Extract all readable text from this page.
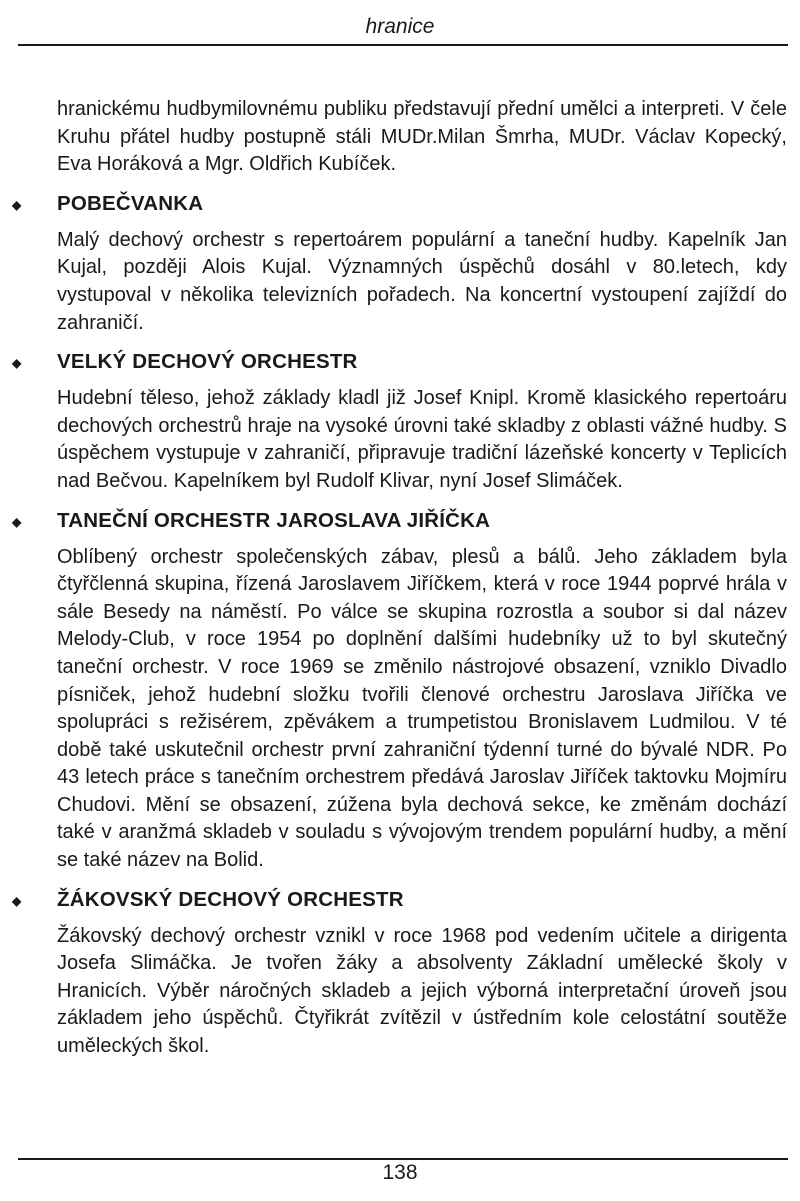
hranice

hranickému hudbymilovnému publiku představují přední umělci a interpreti. V čele Kruhu přátel hudby postupně stáli MUDr.Milan Šmrha, MUDr. Václav Kopecký, Eva Horáková a Mgr. Oldřich Kubíček.

◆ POBEČVANKA

Malý dechový orchestr s repertoárem populární a taneční hudby. Kapelník Jan Kujal, později Alois Kujal. Významných úspěchů dosáhl v 80.letech, kdy vystupoval v několika televizních pořadech. Na koncertní vystoupení zajíždí do zahraničí.

◆ VELKÝ DECHOVÝ ORCHESTR

Hudební těleso, jehož základy kladl již Josef Knipl. Kromě klasického repertoáru dechových orchestrů hraje na vysoké úrovni také skladby z oblasti vážné hudby. S úspěchem vystupuje v zahraničí, připravuje tradiční lázeňské koncerty v Teplicích nad Bečvou. Kapelníkem byl Rudolf Klivar, nyní Josef Slimáček.

◆ TANEČNÍ ORCHESTR JAROSLAVA JIŘÍČKA

Oblíbený orchestr společenských zábav, plesů a bálů. Jeho základem byla čtyřčlenná skupina, řízená Jaroslavem Jiříčkem, která v roce 1944 poprvé hrála v sále Besedy na náměstí. Po válce se skupina rozrostla a soubor si dal název Melody-Club, v roce 1954 po doplnění dalšími hudebníky už to byl skutečný taneční orchestr. V roce 1969 se změnilo nástrojové obsazení, vzniklo Divadlo písniček, jehož hudební složku tvořili členové orchestru Jaroslava Jiříčka ve spolupráci s režisérem, zpěvákem a trumpetistou Bronislavem Ludmilou. V té době také uskutečnil orchestr první zahraniční týdenní turné do bývalé NDR. Po 43 letech práce s tanečním orchestrem předává Jaroslav Jiříček taktovku Mojmíru Chudovi. Mění se obsazení, zúžena byla dechová sekce, ke změnám dochází také v aranžmá skladeb v souladu s vývojovým trendem populární hudby, a mění se také název na Bolid.

◆ ŽÁKOVSKÝ DECHOVÝ ORCHESTR

Žákovský dechový orchestr vznikl v roce 1968 pod vedením učitele a dirigenta Josefa Slimáčka. Je tvořen žáky a absolventy Základní umělecké školy v Hranicích. Výběr náročných skladeb a jejich výborná interpretační úroveň jsou základem jeho úspěchů. Čtyřikrát zvítězil v ústředním kole celostátní soutěže uměleckých škol.

138
